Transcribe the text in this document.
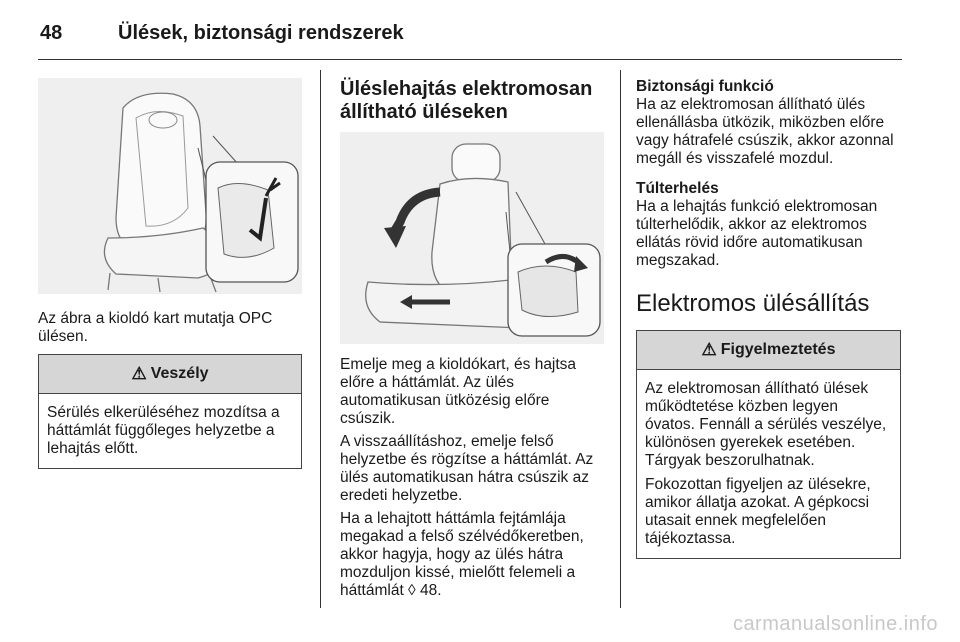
48	Ülések, biztonsági rendszerek

Az ábra a kioldó kart mutatja OPC ülésen.

⚠ Veszély

Sérülés elkerüléséhez mozdítsa a háttámlát függőleges helyzetbe a lehajtás előtt.

Üléslehajtás elektromosan állítható üléseken

Emelje meg a kioldókart, és hajtsa előre a háttámlát. Az ülés automatikusan ütközésig előre csúszik.

A visszaállításhoz, emelje felső helyzetbe és rögzítse a háttámlát. Az ülés automatikusan hátra csúszik az eredeti helyzetbe.

Ha a lehajtott háttámla fejtámlája megakad a felső szélvédőkeretben, akkor hagyja, hogy az ülés hátra mozduljon kissé, mielőtt felemeli a háttámlát ◊ 48.

Biztonsági funkció

Ha az elektromosan állítható ülés ellenállásba ütközik, miközben előre vagy hátrafelé csúszik, akkor azonnal megáll és visszafelé mozdul.

Túlterhelés

Ha a lehajtás funkció elektromosan túlterhelődik, akkor az elektromos ellátás rövid időre automatikusan megszakad.

Elektromos ülésállítás
⚠ Figyelmeztetés

Az elektromosan állítható ülések működtetése közben legyen óvatos. Fennáll a sérülés veszélye, különösen gyerekek esetében. Tárgyak beszorulhatnak.

Fokozottan figyeljen az ülésekre, amikor állatja azokat. A gépkocsi utasait ennek megfelelően tájékoztassa.

carmanualsonline.info
